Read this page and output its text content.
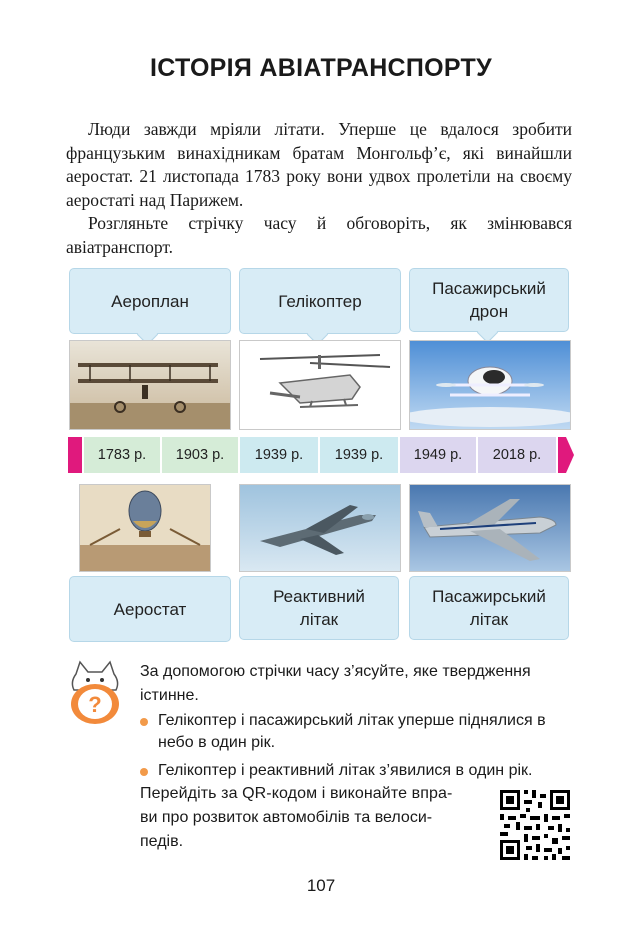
ІСТОРІЯ АВІАТРАНСПОРТУ

Люди завжди мріяли літати. Уперше це вдалося зробити французьким винахідникам братам Монгольф’є, які винайшли аеростат. 21 листопада 1783 року вони удвох пролетіли на своєму аеростаті над Парижем.

Розгляньте стрічку часу й обговоріть, як змінювався авіатранспорт.

Аероплан	Гелікоптер
Пасажирський дрон
1783 р.	1903 р.	1939 р.	1939 р.	1949 р.	2018 р.
Аеростат
Реактивний літак
Пасажирський літак
?
За допомогою стрічки часу з’ясуйте, яке твердження істинне.
Гелікоптер і пасажирський літак уперше піднялися в небо в один рік.
Гелікоптер і реактивний літак з’явилися в один рік.
Перейдіть за QR-кодом і виконайте впра-
ви про розвиток автомобілів та велоси-
педів.
107
